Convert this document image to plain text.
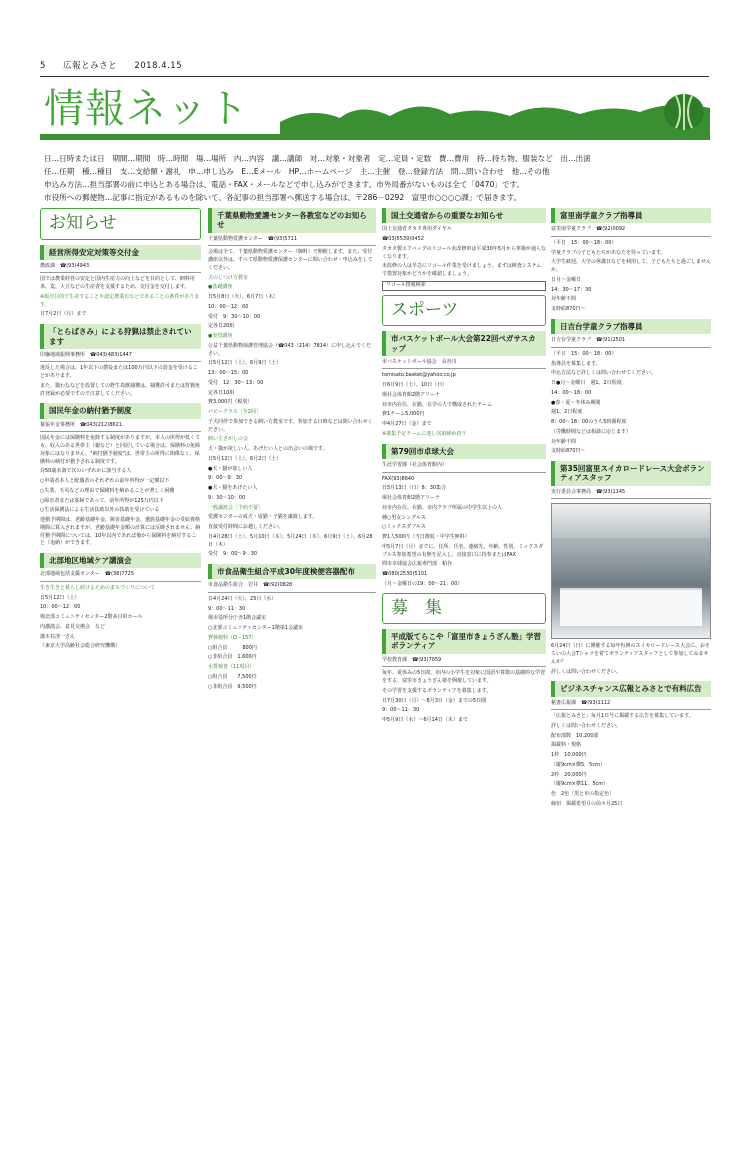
5 広報とみさと 2018.4.15
情報ネット
日…日時または日　期間…期間　時…時間　場…場所　内…内容　講…講師　対…対象・対象者　定…定員・定数　費…費用　持…持ち物、服装など　出…出演
任…任期　種…種目　支…支給額・謝礼　申…申し込み　E…Eメール　HP…ホームページ　主…主催　登…登録方法　問…問い合わせ　他…その他
申込み方法…担当部署の前に申込とある場合は、電話・FAX・メールなどで申し込みができます。市外局番がないものは全て「0470」です。
市役所への郵便物…記事に指定があるものを除いて、各記事の担当部署へ郵送する場合は、〒286－0292　富里市○○○○課」で届きます。
お知らせ
経営所得安定対策等交付金
農政課　☎(93)4943
国では農業経営の安定と国内生産力の向上などを目的として、飼料用米、麦、大豆などの生産者を支援するため、交付金を交付します。
※販売目的で生産することや認定農業有などであることの条件があります。
日7月2日（月）まで
「とらばさみ」による狩猟は禁止されています
印旛地域振興事務所　☎043(483)1447
違反した場合は、1年以下の懲役または100万円以下の罰金を受けることがあります。
また、猫わななどを設置しての野生鳥獣捕獲は、捕獲許可または狩猟免許登録が必要ですので注意してください。
国民年金の納付猶予制度
幕張年金事務所　☎043(212)8621
国民年金には保険料を免除する制度がありますが、本人の所得が低くても、収入のある世帯主（親など）と同居している場合は、保険料の免除対象にはなりません。"納付猶予制度"は、世帯主の所得に関係なく、保険料の納付が猶予される制度です。
対50歳未満で次のいずれかに該当する人
○申請者本人と配偶者のそれぞれの前年所得が一定額以下
○失業、天災などの理由で保険料を納めることが著しく困難
○障害者または寡婦であって、前年所得が125万円以下
○生活保護法による生活扶助以外の扶助を受けている
他猶予期間は、老齢基礎年金、障害基礎年金、遺族基礎年金の受給資格期間に算入されますが、老齢基礎年金額の計算には反映されません。納付猶予期間については、10年以内であれば後から保険料を納付すること（追納）ができます。
北部地区地域ケア講演会
北部地域包括支援センター　☎(38)7725
生き生きと暮らし続けるためのまちづくりについて
日5月12日（土）
10：00～12：00
場北部コミュニティセンター2階多目的ホール
内講演会、意見交換会　など
講木村清一さん
（東京大学高齢社会総合研究機構）
千葉県動物愛護センター各教室などのお知らせ
千葉県動物愛護センター　☎(93)5711
会場は全て、千葉県動物愛護センター（御料）で開催します。また、受付講座以外は、すべて県動物愛護保護センターに問い合わせ・申込みをしてください。
犬のしつけ方教室
●基礎講座
日5月8日（火）、6月7日（木）
10：00～12：00
受付　9：30～10：00
定各日20組
●実技講座
公益千葉県動物保護管理協会（☎043（214）7814）に申し込んでください。
日5月12日（土）、6月9日（土）
13：00～15：00
受付　12：30～13：00
定各日10組
費3,000円（税別）
パピークラス［全2回］
子犬同伴で参加できる飼い方教室です。参加する日時などは問い合わせください。
飼い主さがしの会
犬・猫が欲しい人、あげたい人との出会いの場です。
日5月12日（土）、6月2日（土）
●犬・猫が欲しい人
9：00～9：30
●犬・猫をあげたい人
9：30～10：00
一般譲渡会［予約不要］
愛護センターの成犬・成猫・子猫を譲渡します。
直接受付時間にお越しください。
日4月28日（土）、5月10日（木）、5月24日（木）、6月9日（土）、6月28日（木）
受付　9：00～9：30
市食品衛生組合平成30年度検便容器配布
市食品衛生組合　岩井　☎(92)0828
日4月24日（火）、25日（水）
9：00～11：30
場市役所分庁舎1階会議室
○北部コミュニティセンター1階第1会議室
費検便料（O－157）
○組合員　　　800円
○非組合員　1,600円
水質検査（11項目）
○組合員　　7,500円
○非組合員　9,500円
国土交通省からの重要なお知らせ
国土交通省タカタ専用ダイヤル
☎03(5539)0452
タカタ製エアバッグのリコール未改修車は平成30年5月から車検が通らなくなります。
未改修の人は早急にリコール作業を受けましょう。まずは検査システムで措置対象かどうかを確認しましょう。
リコール情報検索
スポーツ
市バスケットボール大会第22回ペガサスカップ
市バスケットボール協会　長谷川
tomisato.basket@yahoo.co.jp
日6月9日（土）、10日（日）
場社会体育館2階アリーナ
対市内在住、在勤、在学の人で構成されたチーム
費1チーム5,000円
申4月27日（金）まで
※募集予定チームに達し次第締め切り
第79回市卓球大会
生涯学習課（社会体育館内）
FAX(93)8640
日5月13日（日）8：30集合
場社会体育館2階アリーナ
対市内在住、在勤、市内クラブ所属の中学生以上の人
種○男女シングルス
○ミックスダブルス
費1人500円（当日徴収・中学生無料）
申5月7日（月）までに、住所、氏名、連絡先、年齢、性別、ミックスダブルス参加希望の有無を記入し、直接窓口に持参またはFAX
問市卓球協会広報専門部　粕谷
☎080(2530)5101
（月～金曜日の19：00～21：00）
募　集
平成版てらこや「富里市きょうざん塾」学習ボランティア
学校教育課　☎(93)7059
毎年、夏休みの5日間、市内の小学生を対象に国語や算数の基礎的な学習をする、富里市きょうざん塾を開催しています。
その学習を支援するボランティアを募集します。
日7月30日（月）～8月3日（金）までの5日間
9：00～11：30
申5月9日（水）～6月14日（木）まで
富里南学童クラブ指導員
富里南学童クラブ　☎(92)0092
（平日　15：00～18：00）
学童クラブの子どもたちがあなたを待っています。
大学生歓迎。大学の休講日などを利用して、子どもたちと過ごしませんか。
日月～金曜日
14：30～17：30
対年齢不問
支時給870円～
日吉台学童クラブ指導員
日吉台学童クラブ　☎(91)2501
（平日　15：00～18：00）
指導員を募集します。
申込方法など詳しくは問い合わせてください。
日●月～金曜日　週1、2日程度
14：00～18：00
●春・夏・冬休み期間
週1、2日程度
8：00～18：00のうち5時間程度
（労働時間などは相談に応じます）
対年齢不問
支時給870円～
第35回富里スイカロードレース大会ボランティアスタッフ
実行委員会事務局　☎(93)1145
6月24日（日）に開催する毎年恒例のスイカロードレース大会に、おそろいの大会Tシャツを着てボランティアスタッフとして参加してみませんか？
詳しくは問い合わせください。
ビジネスチャンス広報とみさとで有料広告
秘書広報課　☎(93)1112
「広報とみさと」毎月1日号に掲載する広告を募集しています。
詳しくは問い合わせください。
配布部数　10,200部
掲載料・規格
1枠　10,000円
（縦9cm×横5．5cm）
2枠　20,000円
（縦9cm×横11．5cm）
色　2色（黒と市の指定色）
締切　掲載希望月の前々月25日
